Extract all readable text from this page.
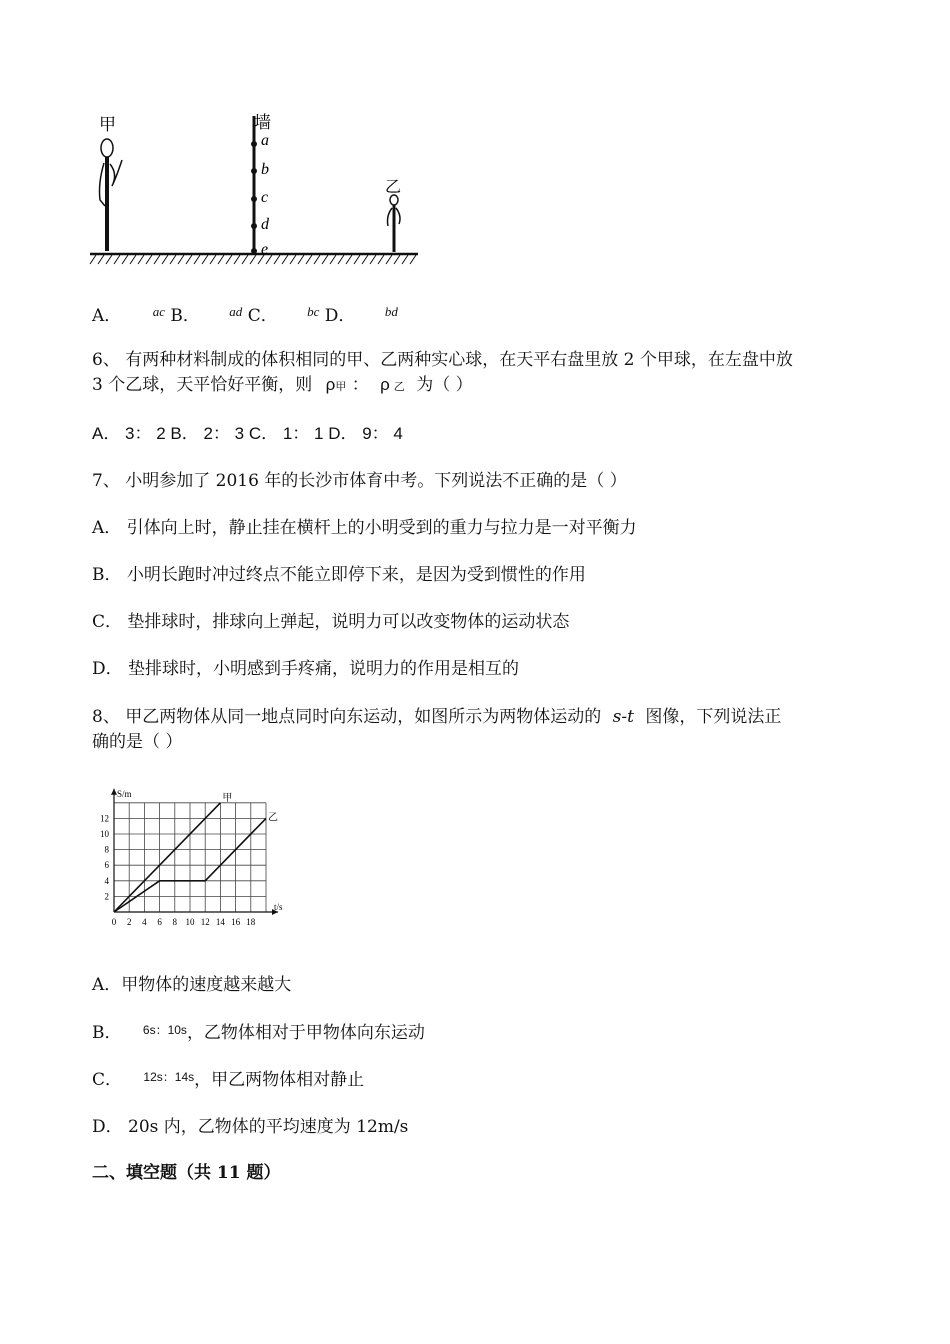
甲	墙
a
b
c
d
e
乙
A． $^{ac}$ B． $^{ad}$ C． $^{bc}$ D． $^{bd}$
6、 有两种材料制成的体积相同的甲、乙两种实心球，在天平右盘里放 2 个甲球，在左盘中放
3 个乙球，天平恰好平衡，则 ρ甲 ： ρ 乙 为（ ）
A． 3： 2 B． 2： 3 C． 1： 1 D． 9： 4
7、 小明参加了 2016 年的长沙市体育中考。下列说法不正确的是（ ）
A． 引体向上时，静止挂在横杆上的小明受到的重力与拉力是一对平衡力
B． 小明长跑时冲过终点不能立即停下来，是因为受到惯性的作用
C． 垫排球时，排球向上弹起，说明力可以改变物体的运动状态
D． 垫排球时，小明感到手疼痛，说明力的作用是相互的
8、 甲乙两物体从同一地点同时向东运动，如图所示为两物体运动的 s-t 图像，下列说法正
确的是（ ）
0 2 4 6 8 10 12 14 16 18
2
4
6
8
10
12
S/m
t/s
甲
乙
A．甲物体的速度越来越大
B． $^{6s:10s}$，乙物体相对于甲物体向东运动
C． $^{12s:14s}$，甲乙两物体相对静止
D． 20s 内，乙物体的平均速度为 12m/s
二、填空题（共 11 题）
